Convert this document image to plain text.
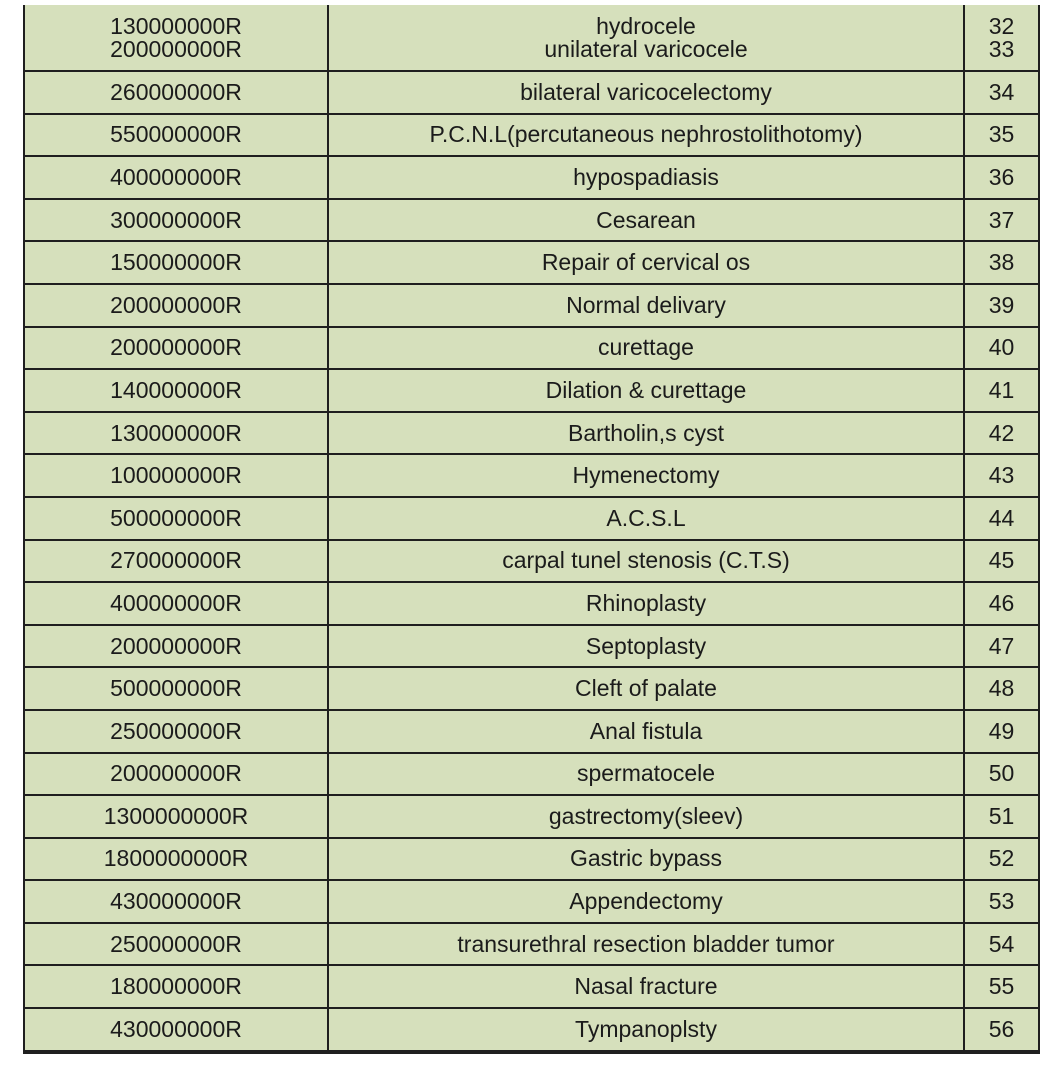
130000000R	hydrocele	32
200000000R	unilateral varicocele	33
260000000R	bilateral varicocelectomy	34
550000000R	P.C.N.L(percutaneous nephrostolithotomy)	35
400000000R	hypospadiasis	36
300000000R	Cesarean	37
150000000R	Repair of cervical os	38
200000000R	Normal delivary	39
200000000R	curettage	40
140000000R	Dilation & curettage	41
130000000R	Bartholin,s cyst	42
100000000R	Hymenectomy	43
500000000R	A.C.S.L	44
270000000R	carpal tunel stenosis (C.T.S)	45
400000000R	Rhinoplasty	46
200000000R	Septoplasty	47
500000000R	Cleft of palate	48
250000000R	Anal fistula	49
200000000R	spermatocele	50
1300000000R	gastrectomy(sleev)	51
1800000000R	Gastric bypass	52
430000000R	Appendectomy	53
250000000R	transurethral resection bladder tumor	54
180000000R	Nasal fracture	55
430000000R	Tympanoplsty	56
